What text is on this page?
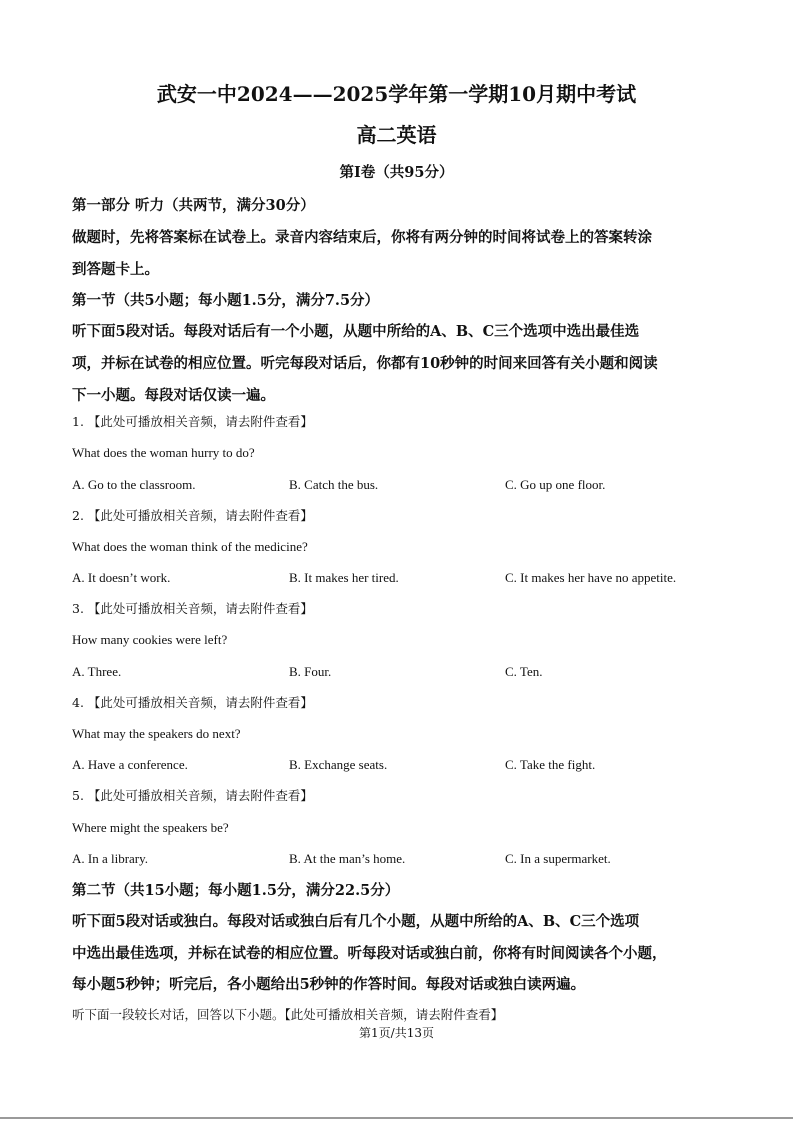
武安一中2024——2025学年第一学期10月期中考试
高二英语
第Ⅰ卷（共95分）
第一部分 听力（共两节，满分30分）
做题时，先将答案标在试卷上。录音内容结束后，你将有两分钟的时间将试卷上的答案转涂
到答题卡上。
第一节（共5小题；每小题1.5分，满分7.5分）
听下面5段对话。每段对话后有一个小题，从题中所给的A、B、C三个选项中选出最佳选
项，并标在试卷的相应位置。听完每段对话后，你都有10秒钟的时间来回答有关小题和阅读
下一小题。每段对话仅读一遍。
1. 【此处可播放相关音频，请去附件查看】
What does the woman hurry to do?
A. Go to the classroom.	B. Catch the bus.	C. Go up one floor.
2. 【此处可播放相关音频，请去附件查看】
What does the woman think of the medicine?
A. It doesn’t work.	B. It makes her tired.	C. It makes her have no appetite.
3. 【此处可播放相关音频，请去附件查看】
How many cookies were left?
A. Three.	B. Four.	C. Ten.
4. 【此处可播放相关音频，请去附件查看】
What may the speakers do next?
A. Have a conference.	B. Exchange seats.	C. Take the fight.
5. 【此处可播放相关音频，请去附件查看】
Where might the speakers be?
A. In a library.	B. At the man’s home.	C. In a supermarket.
第二节（共15小题；每小题1.5分，满分22.5分）
听下面5段对话或独白。每段对话或独白后有几个小题，从题中所给的A、B、C三个选项
中选出最佳选项，并标在试卷的相应位置。听每段对话或独白前，你将有时间阅读各个小题，
每小题5秒钟；听完后，各小题给出5秒钟的作答时间。每段对话或独白读两遍。
听下面一段较长对话，回答以下小题。【此处可播放相关音频，请去附件查看】
第1页/共13页
